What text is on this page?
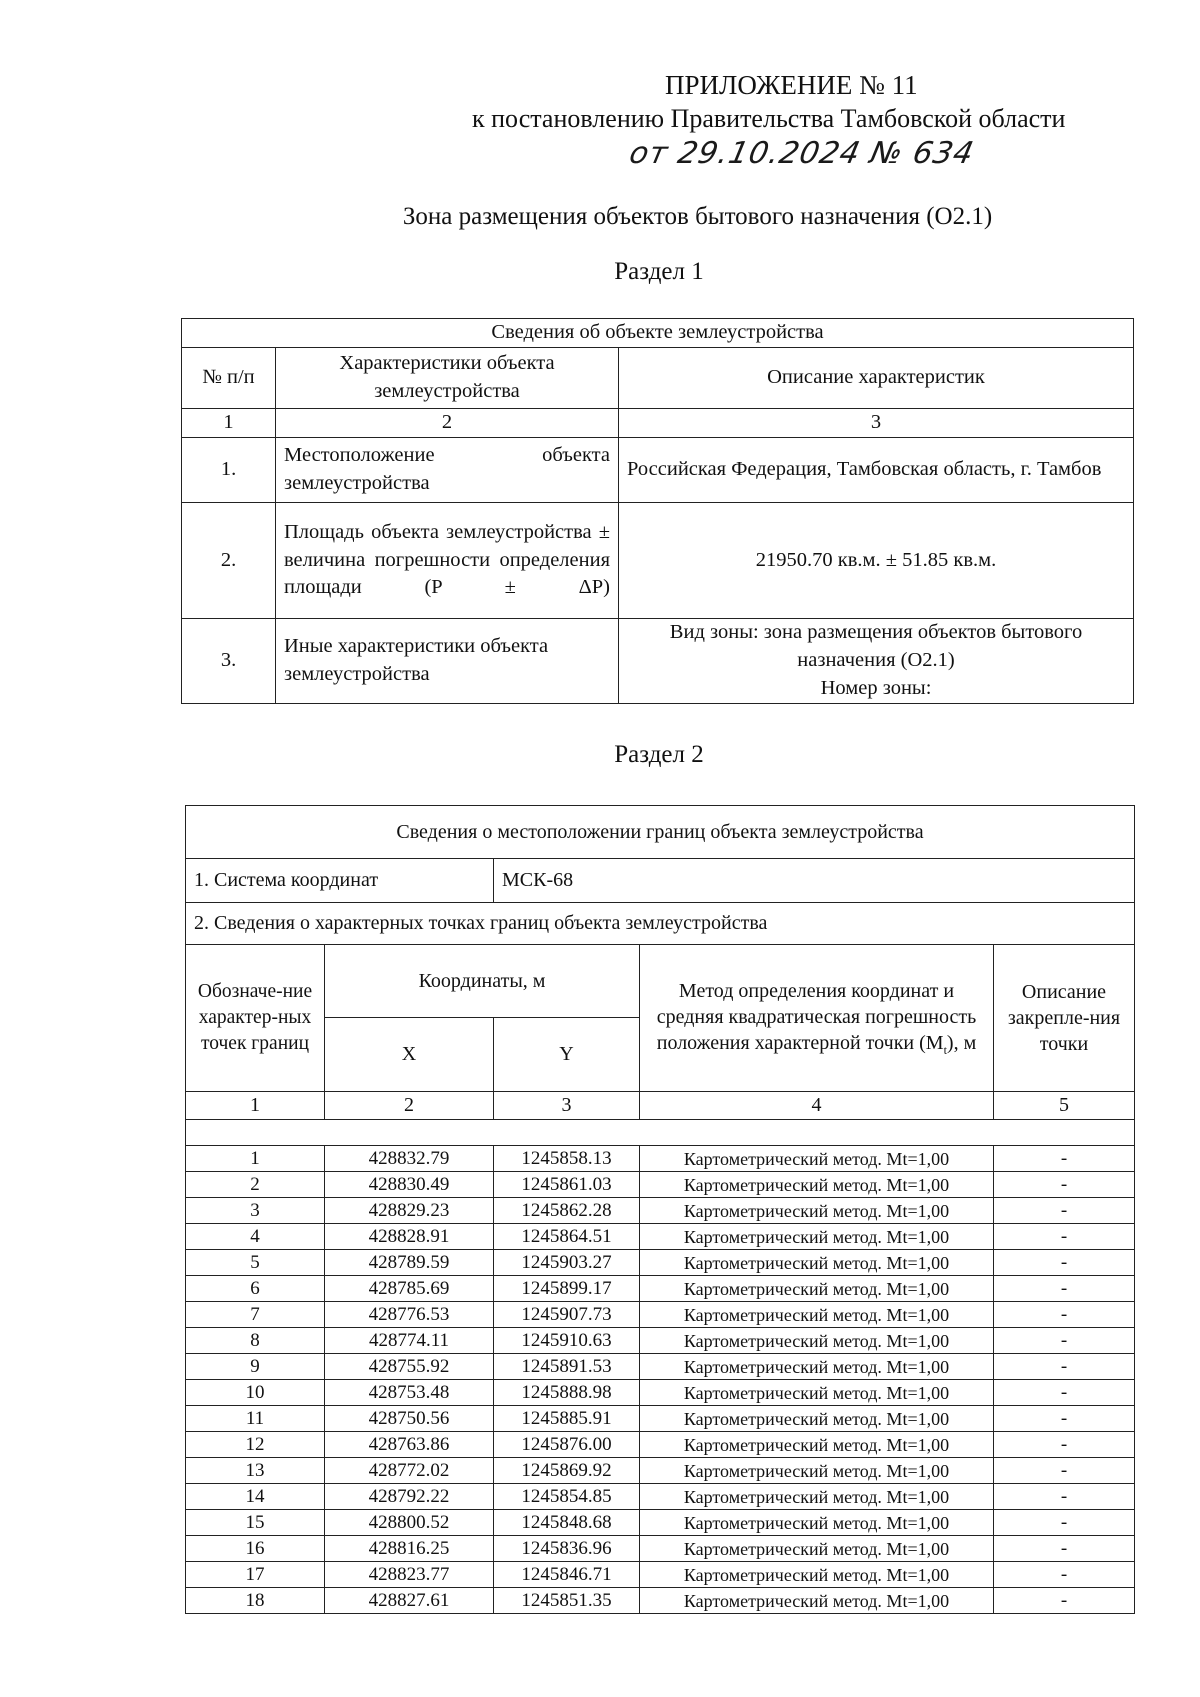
ПРИЛОЖЕНИЕ № 11
к постановлению Правительства Тамбовской области
от 29.10.2024 № 634
Зона размещения объектов бытового назначения (О2.1)
Раздел 1
Сведения об объекте землеустройства		
№ п/п	Характеристики объекта землеустройства	Описание характеристик
1	2	3
1.	Местоположение объекта землеустройства	Российская Федерация, Тамбовская область, г. Тамбов
2.	Площадь объекта землеустройства ± величина погрешности определения площади (P ± ΔP)	21950.70 кв.м. ± 51.85 кв.м.
3.	Иные характеристики объекта землеустройства	Вид зоны: зона размещения объектов бытового назначения (О2.1)
Номер зоны:
Раздел 2
Сведения о местоположении границ объекта землеустройства				
1. Система координат		МСК-68		
2. Сведения о характерных точках границ объекта землеустройства				
Обозначе-ние характер-ных точек границ	Координаты, м		Метод определения координат и средняя квадратическая погрешность положения характерной точки $(M_t)$, м	Описание закрепле-ния точки
	X	Y		
1	2	3	4	5

1	428832.79	1245858.13	Картометрический метод. Mt=1,00	-
2	428830.49	1245861.03	Картометрический метод. Mt=1,00	-
3	428829.23	1245862.28	Картометрический метод. Mt=1,00	-
4	428828.91	1245864.51	Картометрический метод. Mt=1,00	-
5	428789.59	1245903.27	Картометрический метод. Mt=1,00	-
6	428785.69	1245899.17	Картометрический метод. Mt=1,00	-
7	428776.53	1245907.73	Картометрический метод. Mt=1,00	-
8	428774.11	1245910.63	Картометрический метод. Mt=1,00	-
9	428755.92	1245891.53	Картометрический метод. Mt=1,00	-
10	428753.48	1245888.98	Картометрический метод. Mt=1,00	-
11	428750.56	1245885.91	Картометрический метод. Mt=1,00	-
12	428763.86	1245876.00	Картометрический метод. Mt=1,00	-
13	428772.02	1245869.92	Картометрический метод. Mt=1,00	-
14	428792.22	1245854.85	Картометрический метод. Mt=1,00	-
15	428800.52	1245848.68	Картометрический метод. Mt=1,00	-
16	428816.25	1245836.96	Картометрический метод. Mt=1,00	-
17	428823.77	1245846.71	Картометрический метод. Mt=1,00	-
18	428827.61	1245851.35	Картометрический метод. Mt=1,00	-
